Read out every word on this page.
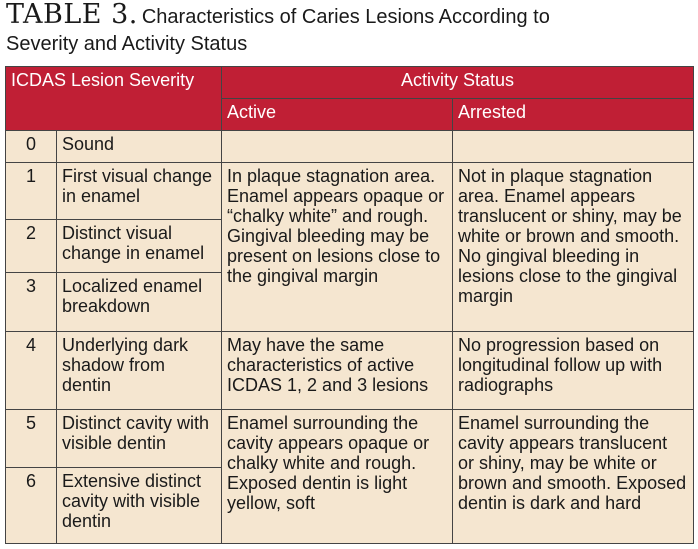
TABLE 3. Characteristics of Caries Lesions According to
Severity and Activity Status
ICDAS Lesion Severity		Activity Status	
		Active	Arrested
0	Sound		
1	First visual change in enamel	In plaque stagnation area. Enamel appears opaque or “chalky white” and rough. Gingival bleeding may be present on lesions close to the gingival margin	Not in plaque stagnation area. Enamel appears translucent or shiny, may be white or brown and smooth. No gingival bleeding in lesions close to the gingival margin
2	Distinct visual change in enamel		
3	Localized enamel breakdown		
4	Underlying dark shadow from dentin	May have the same characteristics of active ICDAS 1, 2 and 3 lesions	No progression based on longitudinal follow up with radiographs
5	Distinct cavity with visible dentin	Enamel surrounding the cavity appears opaque or chalky white and rough. Exposed dentin is light yellow, soft	Enamel surrounding the cavity appears translucent or shiny, may be white or brown and smooth. Exposed dentin is dark and hard
6	Extensive distinct cavity with visible dentin		
